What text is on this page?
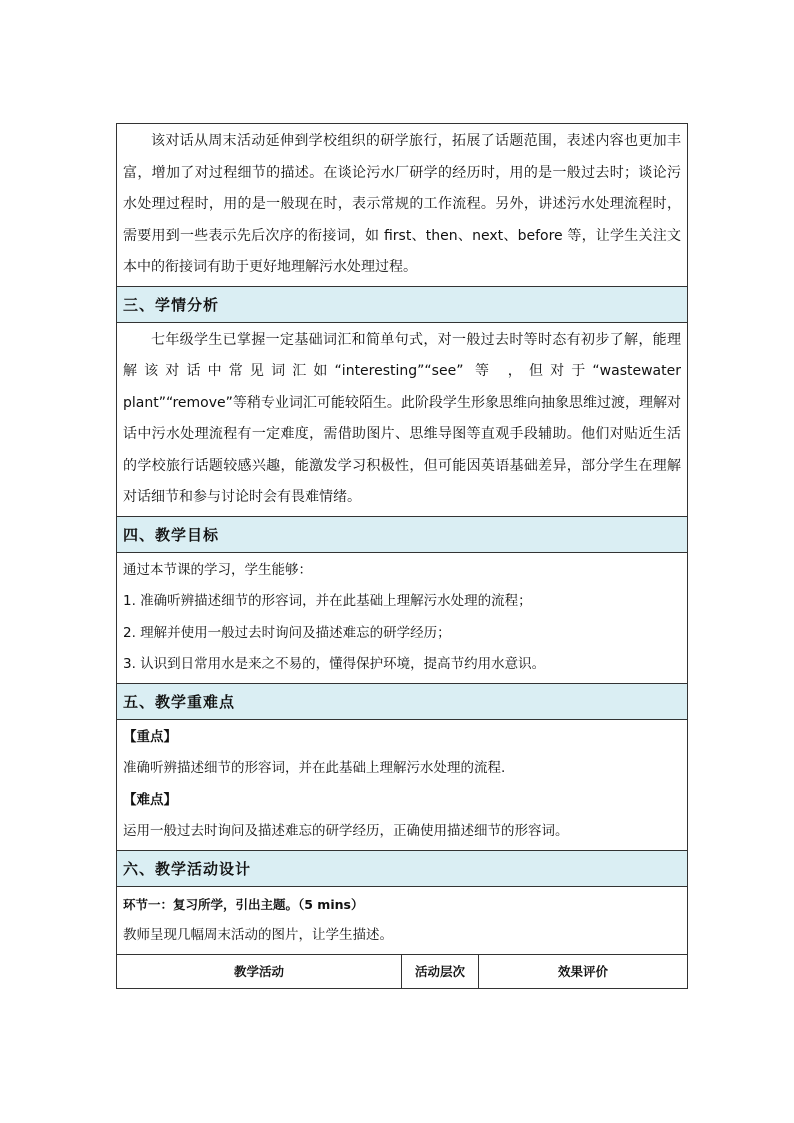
该对话从周末活动延伸到学校组织的研学旅行，拓展了话题范围，表述内容也更加丰富，增加了对过程细节的描述。在谈论污水厂研学的经历时，用的是一般过去时；谈论污水处理过程时，用的是一般现在时，表示常规的工作流程。另外，讲述污水处理流程时，需要用到一些表示先后次序的衔接词，如 first、then、next、before 等，让学生关注文本中的衔接词有助于更好地理解污水处理过程。
三、学情分析
七年级学生已掌握一定基础词汇和简单句式，对一般过去时等时态有初步了解，能理解该对话中常见词汇如“interesting”“see” 等 ，但对于“wastewater plant”“remove”等稍专业词汇可能较陌生。此阶段学生形象思维向抽象思维过渡，理解对话中污水处理流程有一定难度，需借助图片、思维导图等直观手段辅助。他们对贴近生活的学校旅行话题较感兴趣，能激发学习积极性，但可能因英语基础差异，部分学生在理解对话细节和参与讨论时会有畏难情绪。
四、教学目标
通过本节课的学习，学生能够：
1. 准确听辨描述细节的形容词，并在此基础上理解污水处理的流程；
2. 理解并使用一般过去时询问及描述难忘的研学经历；
3. 认识到日常用水是来之不易的，懂得保护环境，提高节约用水意识。
五、教学重难点
【重点】
准确听辨描述细节的形容词，并在此基础上理解污水处理的流程.
【难点】
运用一般过去时询问及描述难忘的研学经历，正确使用描述细节的形容词。
六、教学活动设计
环节一：复习所学，引出主题。（5 mins）
教师呈现几幅周末活动的图片，让学生描述。
教学活动	活动层次	效果评价
